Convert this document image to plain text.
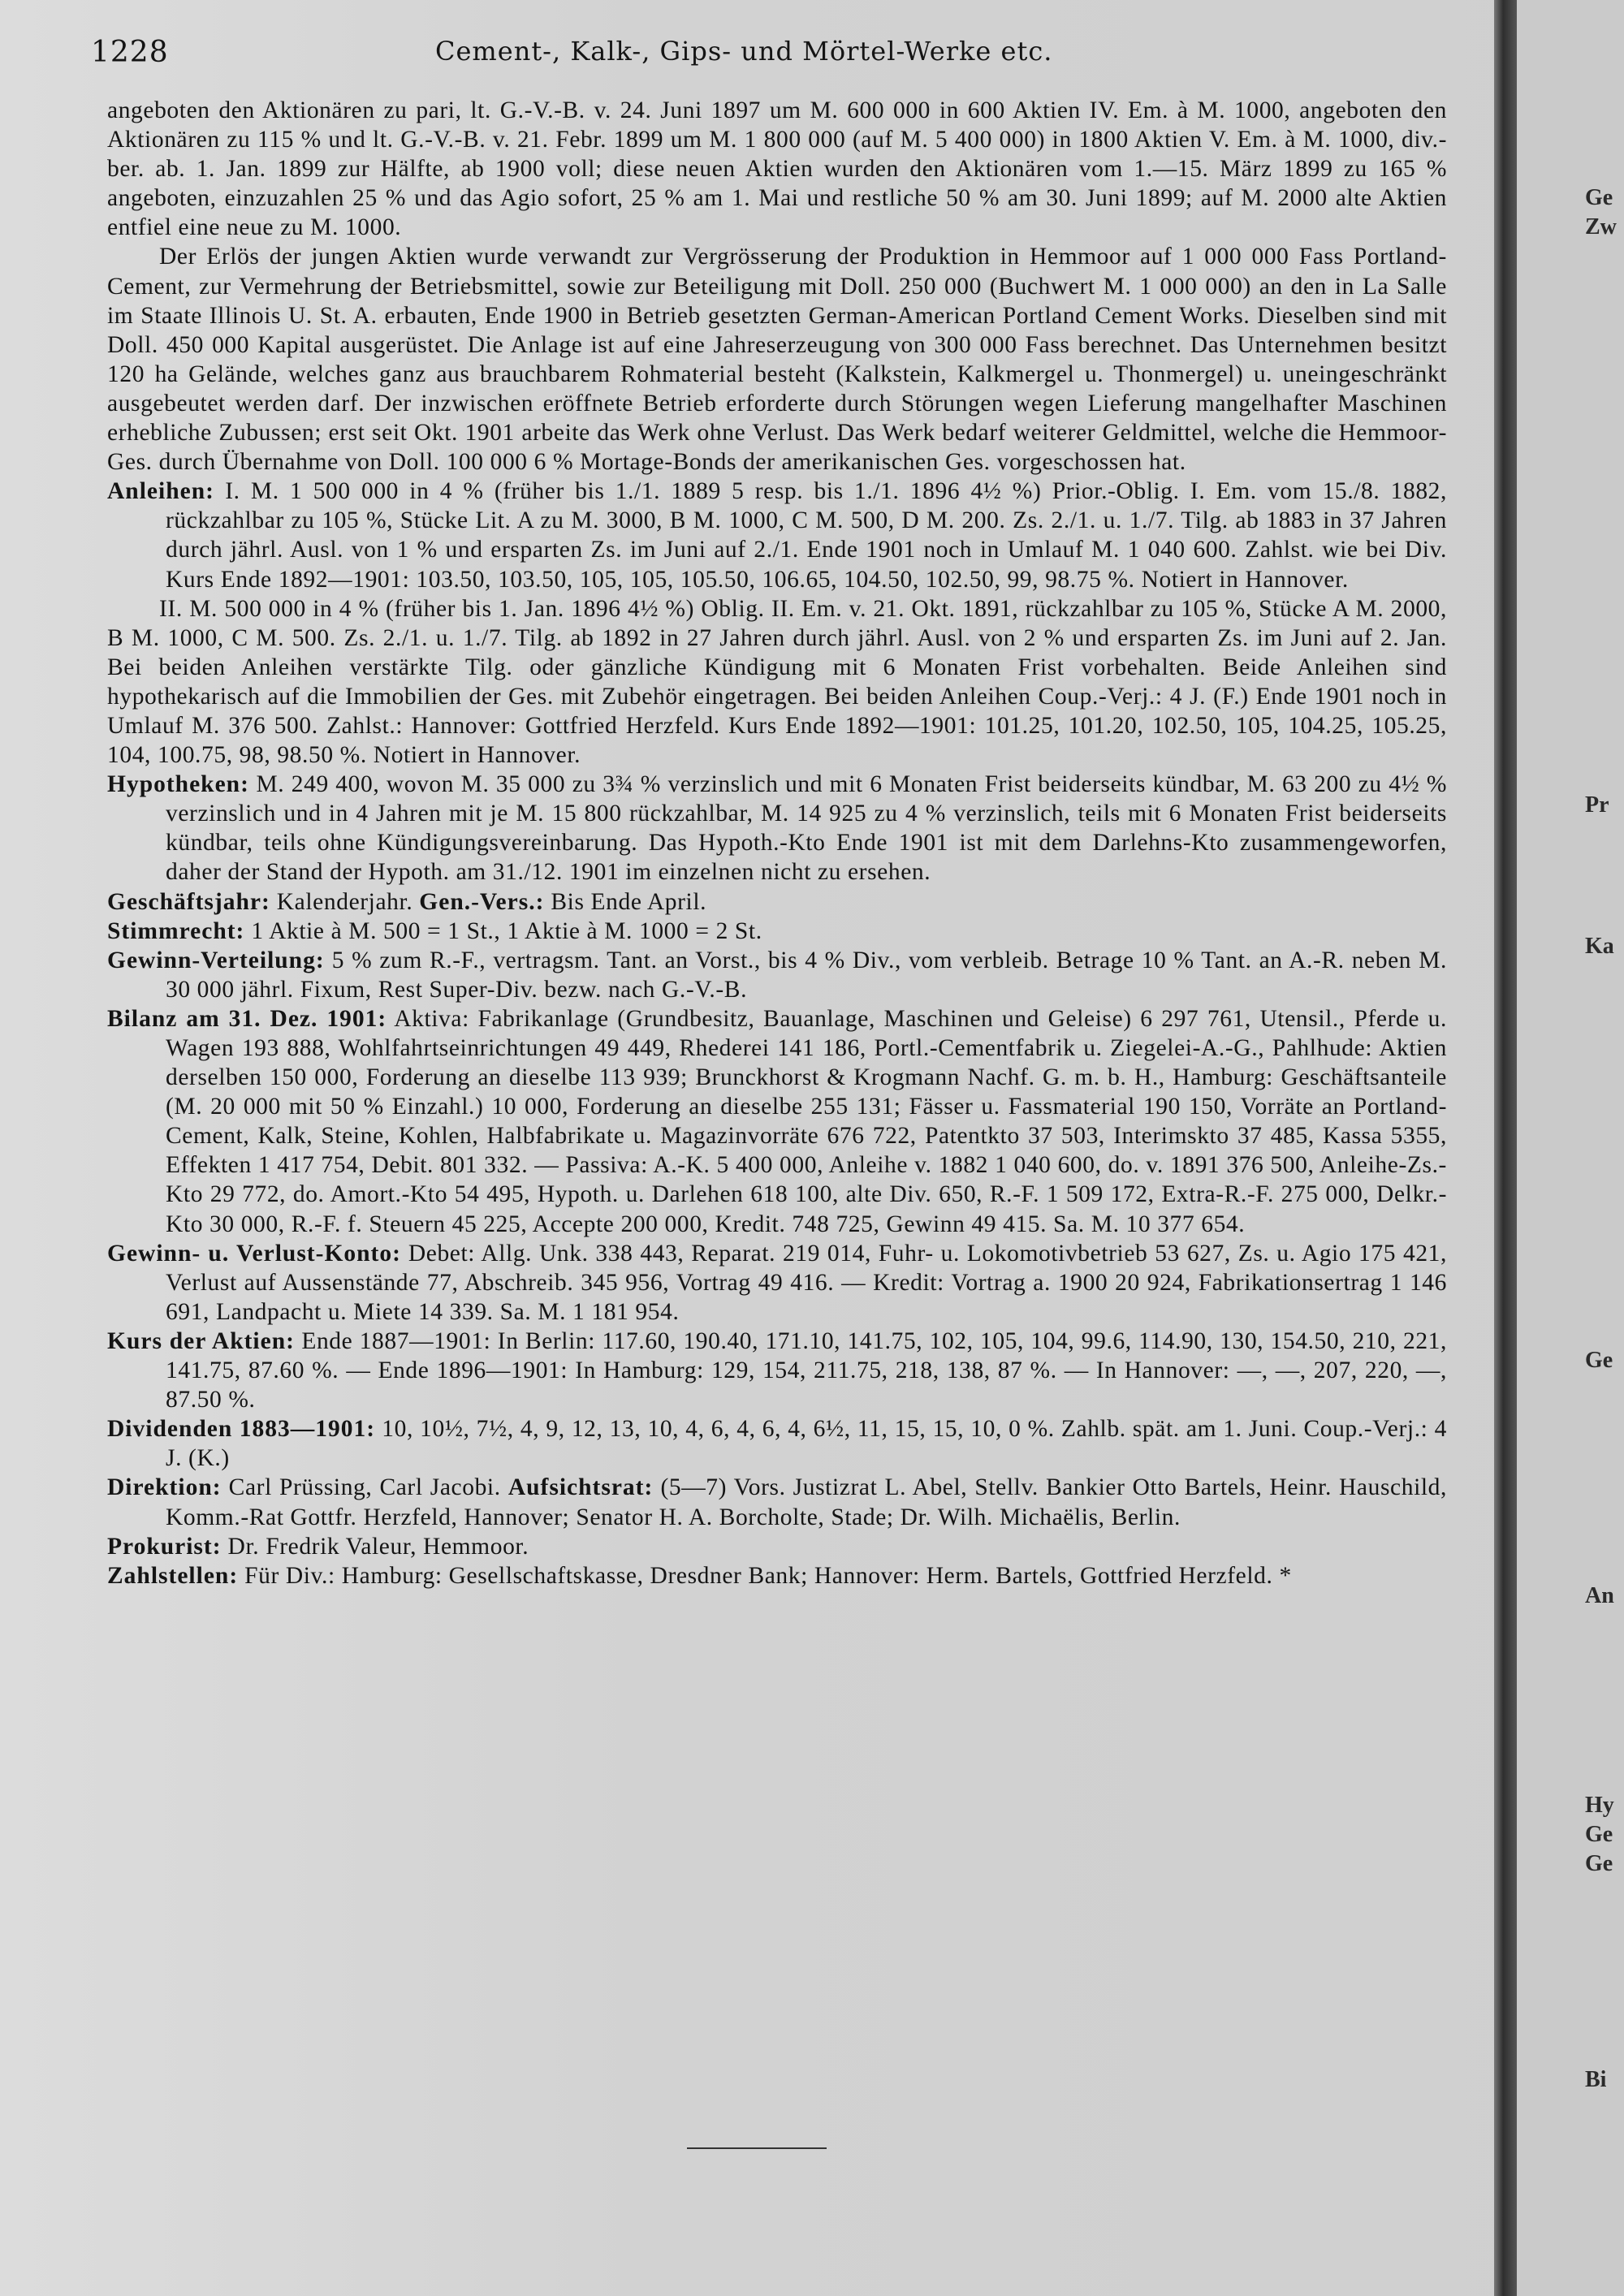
1228	Cement-, Kalk-, Gips- und Mörtel-Werke etc.

angeboten den Aktionären zu pari, lt. G.-V.-B. v. 24. Juni 1897 um M. 600 000 in 600 Aktien IV. Em. à M. 1000, angeboten den Aktionären zu 115 % und lt. G.-V.-B. v. 21. Febr. 1899 um M. 1 800 000 (auf M. 5 400 000) in 1800 Aktien V. Em. à M. 1000, div.-ber. ab. 1. Jan. 1899 zur Hälfte, ab 1900 voll; diese neuen Aktien wurden den Aktionären vom 1.—15. März 1899 zu 165 % angeboten, einzuzahlen 25 % und das Agio sofort, 25 % am 1. Mai und restliche 50 % am 30. Juni 1899; auf M. 2000 alte Aktien entfiel eine neue zu M. 1000.

Der Erlös der jungen Aktien wurde verwandt zur Vergrösserung der Produktion in Hemmoor auf 1 000 000 Fass Portland-Cement, zur Vermehrung der Betriebsmittel, sowie zur Beteiligung mit Doll. 250 000 (Buchwert M. 1 000 000) an den in La Salle im Staate Illinois U. St. A. erbauten, Ende 1900 in Betrieb gesetzten German-American Portland Cement Works. Dieselben sind mit Doll. 450 000 Kapital ausgerüstet. Die Anlage ist auf eine Jahreserzeugung von 300 000 Fass berechnet. Das Unternehmen besitzt 120 ha Gelände, welches ganz aus brauchbarem Rohmaterial besteht (Kalkstein, Kalkmergel u. Thonmergel) u. uneingeschränkt ausgebeutet werden darf. Der inzwischen eröffnete Betrieb erforderte durch Störungen wegen Lieferung mangelhafter Maschinen erhebliche Zubussen; erst seit Okt. 1901 arbeite das Werk ohne Verlust. Das Werk bedarf weiterer Geldmittel, welche die Hemmoor-Ges. durch Übernahme von Doll. 100 000 6 % Mortage-Bonds der amerikanischen Ges. vorgeschossen hat.

Anleihen: I. M. 1 500 000 in 4 % (früher bis 1./1. 1889 5 resp. bis 1./1. 1896 4½ %) Prior.-Oblig. I. Em. vom 15./8. 1882, rückzahlbar zu 105 %, Stücke Lit. A zu M. 3000, B M. 1000, C M. 500, D M. 200. Zs. 2./1. u. 1./7. Tilg. ab 1883 in 37 Jahren durch jährl. Ausl. von 1 % und ersparten Zs. im Juni auf 2./1. Ende 1901 noch in Umlauf M. 1 040 600. Zahlst. wie bei Div. Kurs Ende 1892—1901: 103.50, 103.50, 105, 105, 105.50, 106.65, 104.50, 102.50, 99, 98.75 %. Notiert in Hannover.

II. M. 500 000 in 4 % (früher bis 1. Jan. 1896 4½ %) Oblig. II. Em. v. 21. Okt. 1891, rückzahlbar zu 105 %, Stücke A M. 2000, B M. 1000, C M. 500. Zs. 2./1. u. 1./7. Tilg. ab 1892 in 27 Jahren durch jährl. Ausl. von 2 % und ersparten Zs. im Juni auf 2. Jan. Bei beiden Anleihen verstärkte Tilg. oder gänzliche Kündigung mit 6 Monaten Frist vorbehalten. Beide Anleihen sind hypothekarisch auf die Immobilien der Ges. mit Zubehör eingetragen. Bei beiden Anleihen Coup.-Verj.: 4 J. (F.) Ende 1901 noch in Umlauf M. 376 500. Zahlst.: Hannover: Gottfried Herzfeld. Kurs Ende 1892—1901: 101.25, 101.20, 102.50, 105, 104.25, 105.25, 104, 100.75, 98, 98.50 %. Notiert in Hannover.

Hypotheken: M. 249 400, wovon M. 35 000 zu 3¾ % verzinslich und mit 6 Monaten Frist beiderseits kündbar, M. 63 200 zu 4½ % verzinslich und in 4 Jahren mit je M. 15 800 rückzahlbar, M. 14 925 zu 4 % verzinslich, teils mit 6 Monaten Frist beiderseits kündbar, teils ohne Kündigungsvereinbarung. Das Hypoth.-Kto Ende 1901 ist mit dem Darlehns-Kto zusammengeworfen, daher der Stand der Hypoth. am 31./12. 1901 im einzelnen nicht zu ersehen.

Geschäftsjahr: Kalenderjahr. Gen.-Vers.: Bis Ende April.

Stimmrecht: 1 Aktie à M. 500 = 1 St., 1 Aktie à M. 1000 = 2 St.

Gewinn-Verteilung: 5 % zum R.-F., vertragsm. Tant. an Vorst., bis 4 % Div., vom verbleib. Betrage 10 % Tant. an A.-R. neben M. 30 000 jährl. Fixum, Rest Super-Div. bezw. nach G.-V.-B.

Bilanz am 31. Dez. 1901: Aktiva: Fabrikanlage (Grundbesitz, Bauanlage, Maschinen und Geleise) 6 297 761, Utensil., Pferde u. Wagen 193 888, Wohlfahrtseinrichtungen 49 449, Rhederei 141 186, Portl.-Cementfabrik u. Ziegelei-A.-G., Pahlhude: Aktien derselben 150 000, Forderung an dieselbe 113 939; Brunckhorst & Krogmann Nachf. G. m. b. H., Hamburg: Geschäftsanteile (M. 20 000 mit 50 % Einzahl.) 10 000, Forderung an dieselbe 255 131; Fässer u. Fassmaterial 190 150, Vorräte an Portland-Cement, Kalk, Steine, Kohlen, Halbfabrikate u. Magazinvorräte 676 722, Patentkto 37 503, Interimskto 37 485, Kassa 5355, Effekten 1 417 754, Debit. 801 332. — Passiva: A.-K. 5 400 000, Anleihe v. 1882 1 040 600, do. v. 1891 376 500, Anleihe-Zs.-Kto 29 772, do. Amort.-Kto 54 495, Hypoth. u. Darlehen 618 100, alte Div. 650, R.-F. 1 509 172, Extra-R.-F. 275 000, Delkr.-Kto 30 000, R.-F. f. Steuern 45 225, Accepte 200 000, Kredit. 748 725, Gewinn 49 415. Sa. M. 10 377 654.

Gewinn- u. Verlust-Konto: Debet: Allg. Unk. 338 443, Reparat. 219 014, Fuhr- u. Lokomotivbetrieb 53 627, Zs. u. Agio 175 421, Verlust auf Aussenstände 77, Abschreib. 345 956, Vortrag 49 416. — Kredit: Vortrag a. 1900 20 924, Fabrikationsertrag 1 146 691, Landpacht u. Miete 14 339. Sa. M. 1 181 954.

Kurs der Aktien: Ende 1887—1901: In Berlin: 117.60, 190.40, 171.10, 141.75, 102, 105, 104, 99.6, 114.90, 130, 154.50, 210, 221, 141.75, 87.60 %. — Ende 1896—1901: In Hamburg: 129, 154, 211.75, 218, 138, 87 %. — In Hannover: —, —, 207, 220, —, 87.50 %.

Dividenden 1883—1901: 10, 10½, 7½, 4, 9, 12, 13, 10, 4, 6, 4, 6, 4, 6½, 11, 15, 15, 10, 0 %. Zahlb. spät. am 1. Juni. Coup.-Verj.: 4 J. (K.)

Direktion: Carl Prüssing, Carl Jacobi. Aufsichtsrat: (5—7) Vors. Justizrat L. Abel, Stellv. Bankier Otto Bartels, Heinr. Hauschild, Komm.-Rat Gottfr. Herzfeld, Hannover; Senator H. A. Borcholte, Stade; Dr. Wilh. Michaëlis, Berlin.

Prokurist: Dr. Fredrik Valeur, Hemmoor.

Zahlstellen: Für Div.: Hamburg: Gesellschaftskasse, Dresdner Bank; Hannover: Herm. Bartels, Gottfried Herzfeld. *

Ge
Zw
Pr
Ka
Ge
An
Hy
Ge
Ge
Bi
